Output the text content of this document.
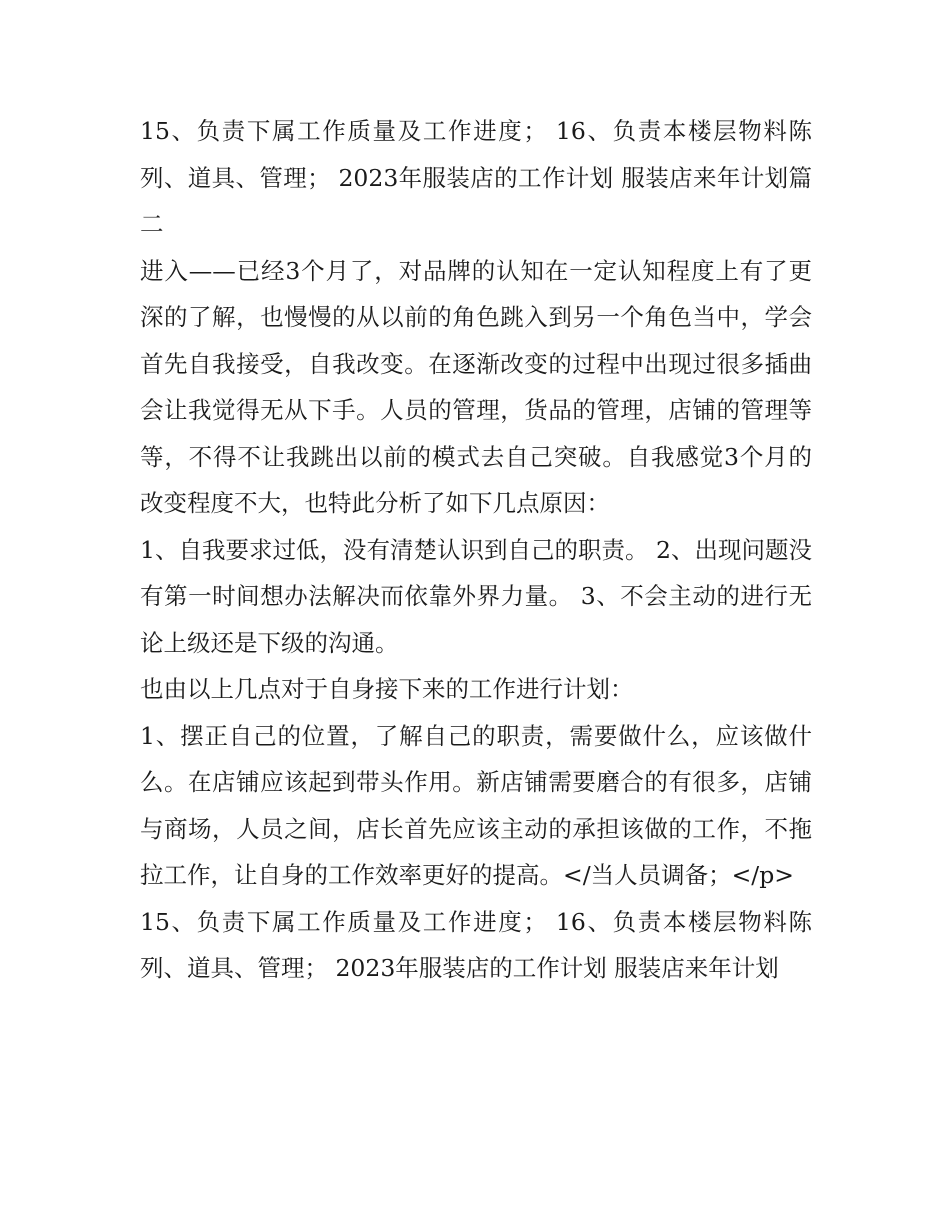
15、负责下属工作质量及工作进度； 16、负责本楼层物料陈列、道具、管理； 2023年服装店的工作计划 服装店来年计划篇二

进入——已经3个月了，对品牌的认知在一定认知程度上有了更深的了解，也慢慢的从以前的角色跳入到另一个角色当中，学会首先自我接受，自我改变。在逐渐改变的过程中出现过很多插曲会让我觉得无从下手。人员的管理，货品的管理，店铺的管理等等，不得不让我跳出以前的模式去自己突破。自我感觉3个月的改变程度不大，也特此分析了如下几点原因：

1、自我要求过低，没有清楚认识到自己的职责。 2、出现问题没有第一时间想办法解决而依靠外界力量。 3、不会主动的进行无论上级还是下级的沟通。

也由以上几点对于自身接下来的工作进行计划：

1、摆正自己的位置，了解自己的职责，需要做什么，应该做什么。在店铺应该起到带头作用。新店铺需要磨合的有很多，店铺与商场，人员之间，店长首先应该主动的承担该做的工作，不拖拉工作，让自身的工作效率更好的提高。</当人员调备；</p>

15、负责下属工作质量及工作进度； 16、负责本楼层物料陈列、道具、管理； 2023年服装店的工作计划 服装店来年计划
